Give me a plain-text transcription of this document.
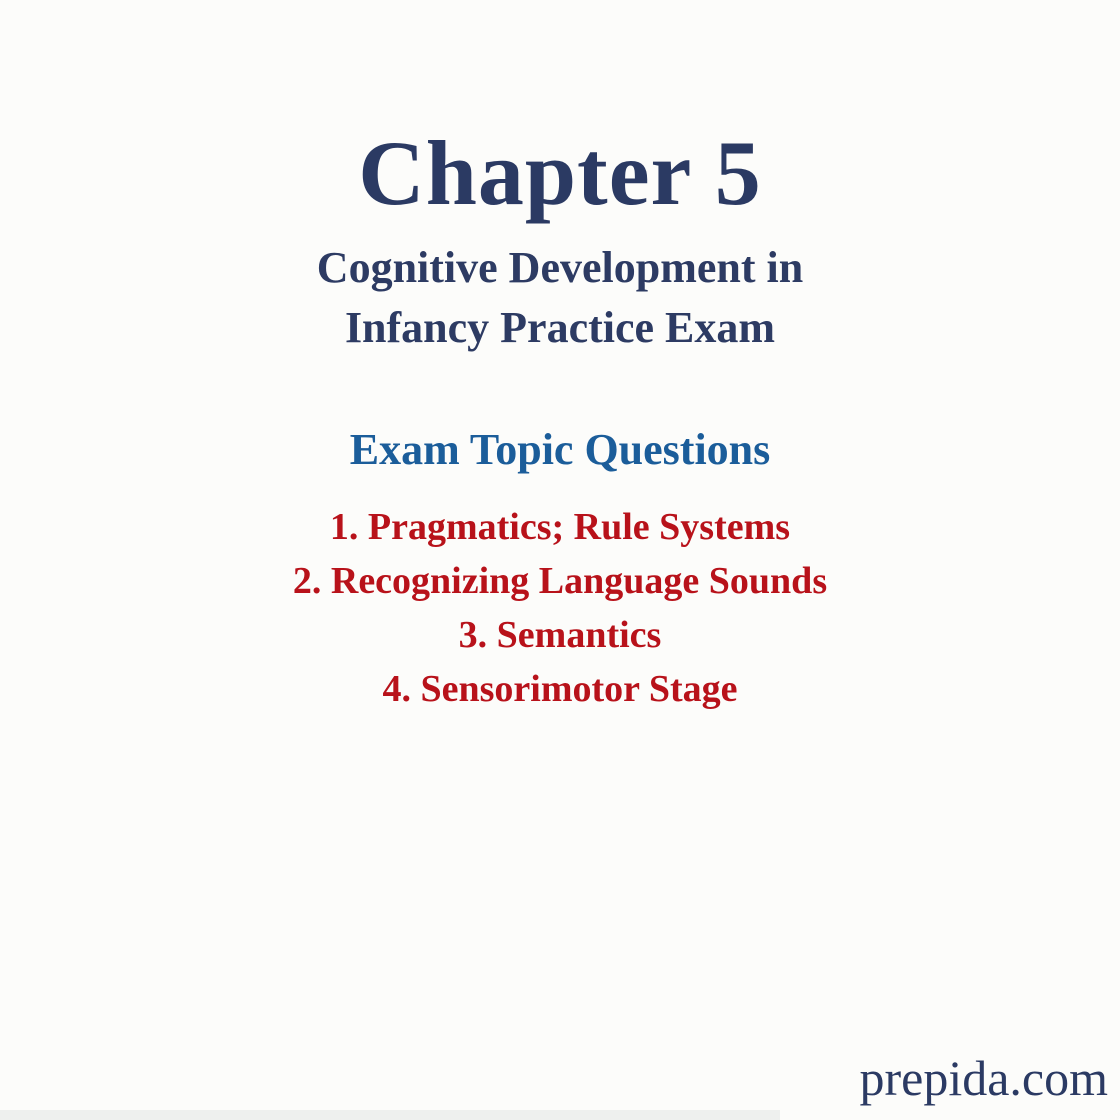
Chapter 5
Cognitive Development in
Infancy Practice Exam
Exam Topic Questions
1. Pragmatics; Rule Systems
2. Recognizing Language Sounds
3. Semantics
4. Sensorimotor Stage
prepida.com
